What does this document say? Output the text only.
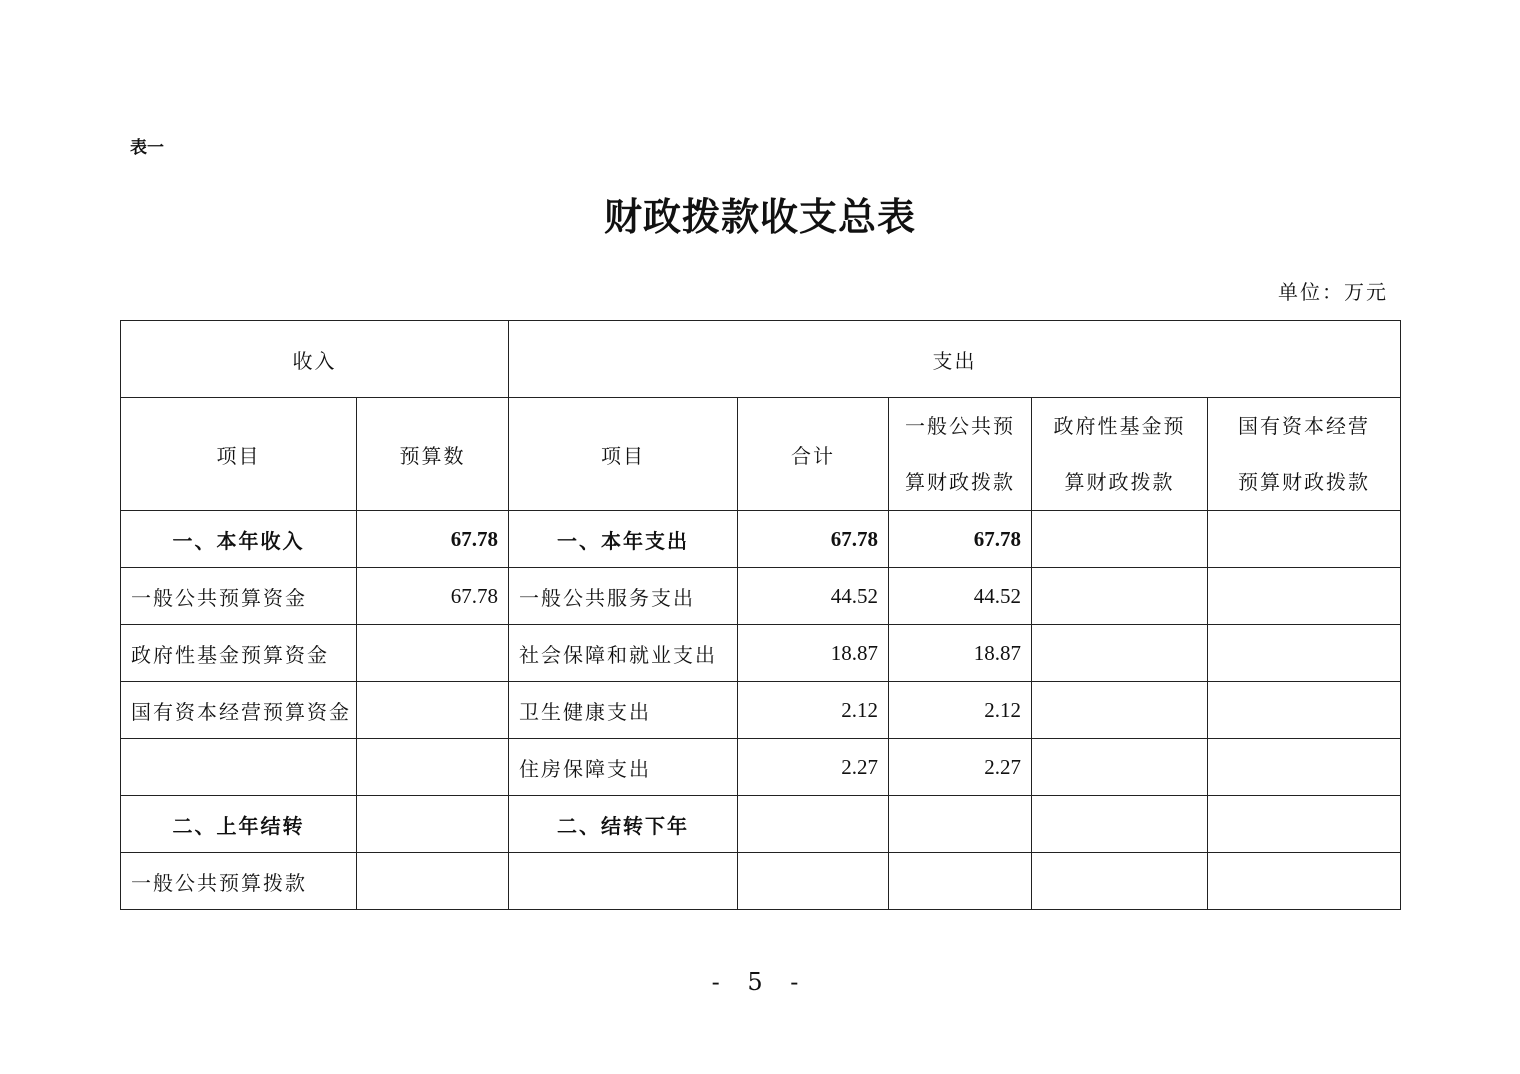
表一
财政拨款收支总表
单位：万元
收入		支出				
项目	预算数	项目	合计	一般公共预算财政拨款	政府性基金预算财政拨款	国有资本经营预算财政拨款
一、本年收入	67.78	一、本年支出	67.78	67.78		
一般公共预算资金	67.78	一般公共服务支出	44.52	44.52		
政府性基金预算资金		社会保障和就业支出	18.87	18.87		
国有资本经营预算资金		卫生健康支出	2.12	2.12		
		住房保障支出	2.27	2.27		
二、上年结转		二、结转下年				
一般公共预算拨款						
- 5 -
